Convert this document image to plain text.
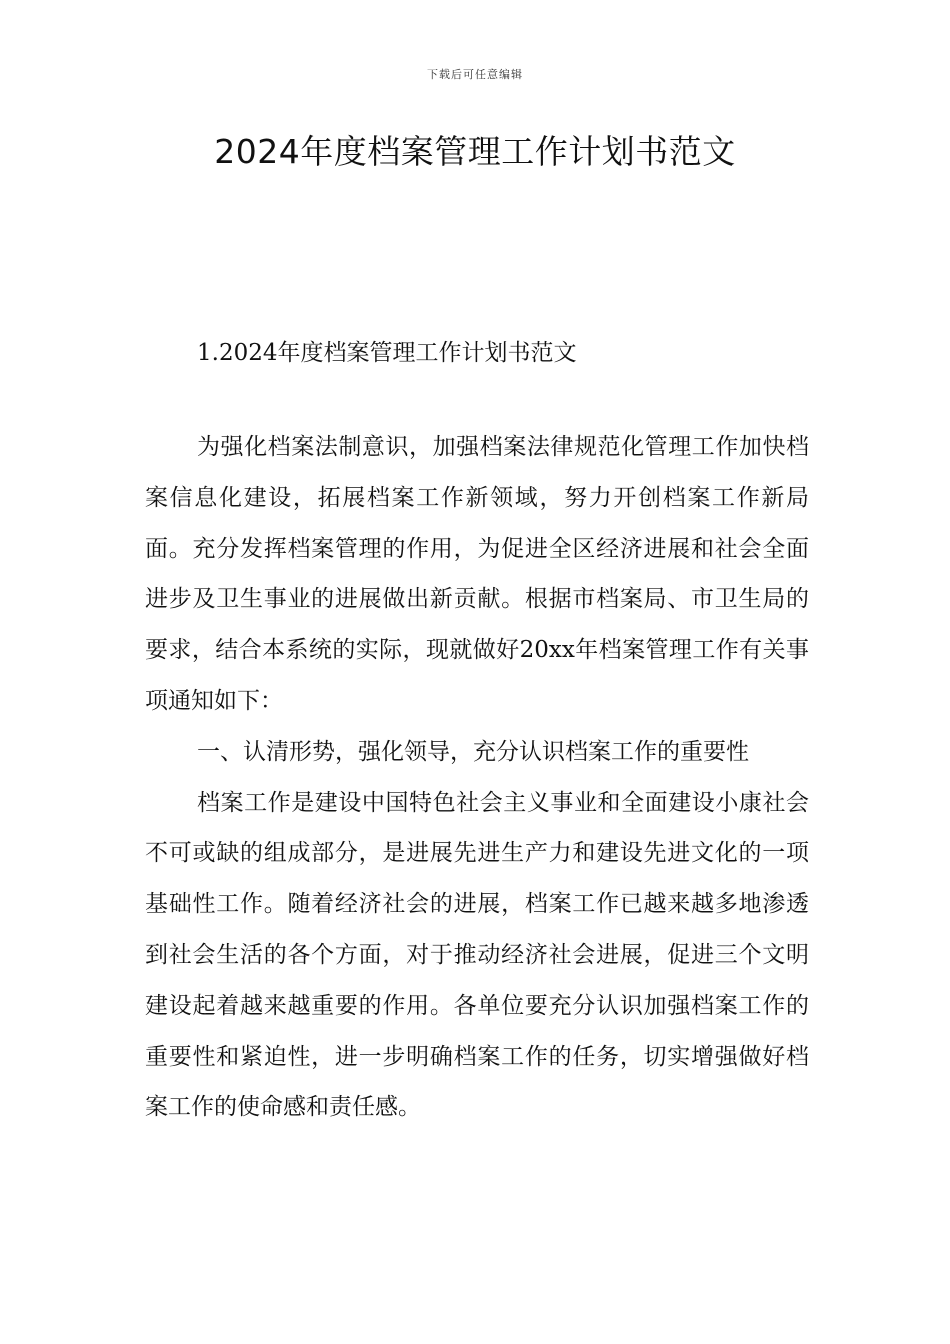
下载后可任意编辑
2024年度档案管理工作计划书范文

1.2024年度档案管理工作计划书范文

为强化档案法制意识，加强档案法律规范化管理工作加快档案信息化建设，拓展档案工作新领域，努力开创档案工作新局面。充分发挥档案管理的作用，为促进全区经济进展和社会全面进步及卫生事业的进展做出新贡献。根据市档案局、市卫生局的要求，结合本系统的实际，现就做好20xx年档案管理工作有关事项通知如下：

一、认清形势，强化领导，充分认识档案工作的重要性

档案工作是建设中国特色社会主义事业和全面建设小康社会不可或缺的组成部分，是进展先进生产力和建设先进文化的一项基础性工作。随着经济社会的进展，档案工作已越来越多地渗透到社会生活的各个方面，对于推动经济社会进展，促进三个文明建设起着越来越重要的作用。各单位要充分认识加强档案工作的重要性和紧迫性，进一步明确档案工作的任务，切实增强做好档案工作的使命感和责任感。
